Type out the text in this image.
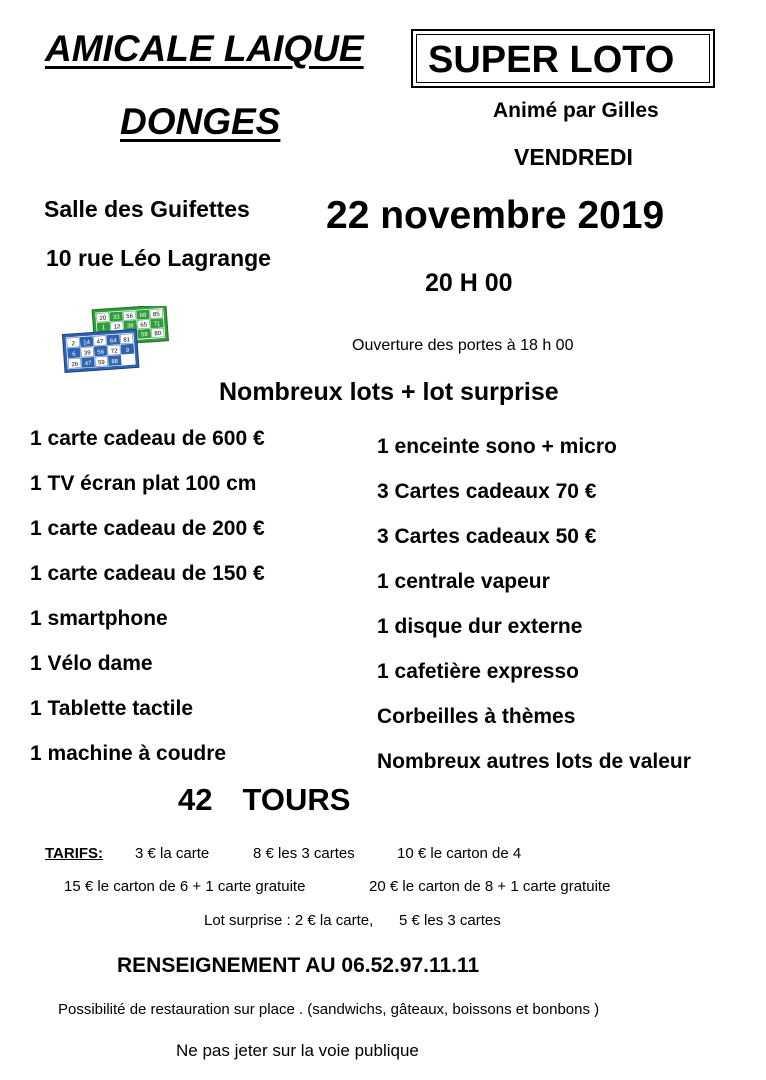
AMICALE LAIQUE
DONGES
SUPER LOTO
Animé par Gilles
VENDREDI
Salle des Guifettes 22 novembre 2019
10 rue Léo Lagrange
20 H 00
20 33 56 68 85
1 12 38 65 71
58 80
2 14 47 64 81
6 39 56 72 9
26 47 59 88
Ouverture des portes à 18 h 00
Nombreux lots + lot surprise
1 carte cadeau de 600 €
1 TV écran plat 100 cm
1 carte cadeau de 200 €
1 carte cadeau de 150 €
1 smartphone
1 Vélo dame
1 Tablette tactile
1 machine à coudre
1 enceinte sono + micro
3 Cartes cadeaux 70 €
3 Cartes cadeaux 50 €
1 centrale vapeur
1 disque dur externe
1 cafetière expresso
Corbeilles à thèmes
Nombreux autres lots de valeur
42 TOURS
TARIFS: 3 € la carte	8 € les 3 cartes	10 € le carton de 4
15 € le carton de 6 + 1 carte gratuite	20 € le carton de 8 + 1 carte gratuite
Lot surprise : 2 € la carte, 5 € les 3 cartes
RENSEIGNEMENT AU 06.52.97.11.11
Possibilité de restauration sur place . (sandwichs, gâteaux, boissons et bonbons )
Ne pas jeter sur la voie publique
